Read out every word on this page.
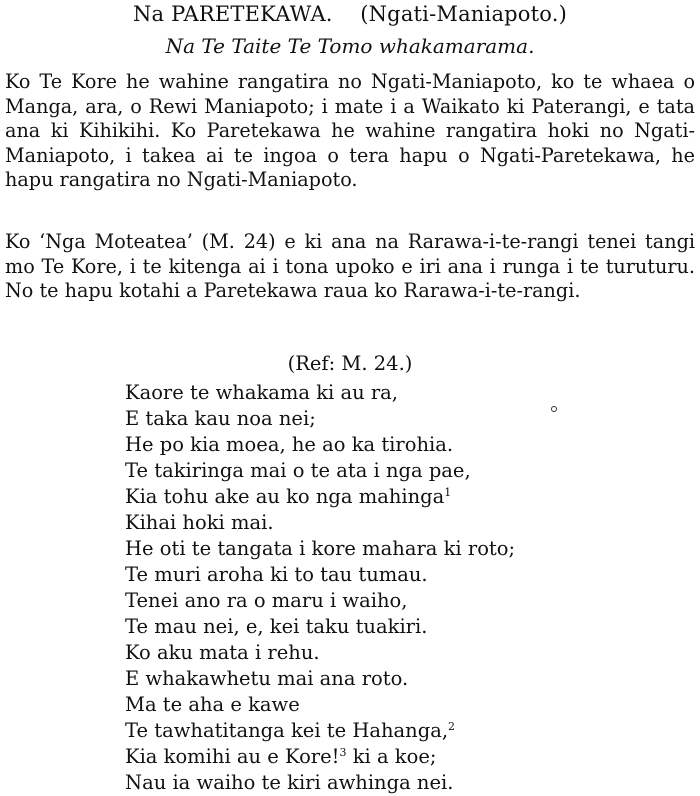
Na PARETEKAWA. (Ngati-Maniapoto.)
Na Te Taite Te Tomo whakamarama.

Ko Te Kore he wahine rangatira no Ngati-Maniapoto, ko te whaea o Manga, ara, o Rewi Maniapoto; i mate i a Waikato ki Paterangi, e tata ana ki Kihikihi. Ko Paretekawa he wahine rangatira hoki no Ngati-Maniapoto, i takea ai te ingoa o tera hapu o Ngati-Paretekawa, he hapu rangatira no Ngati-Maniapoto.

Ko ‘Nga Moteatea’ (M. 24) e ki ana na Rarawa-i-te-rangi tenei tangi mo Te Kore, i te kitenga ai i tona upoko e iri ana i runga i te turuturu. No te hapu kotahi a Paretekawa raua ko Rarawa-i-te-rangi.

(Ref: M. 24.)
Kaore te whakama ki au ra,
E taka kau noa nei;
He po kia moea, he ao ka tirohia.
Te takiringa mai o te ata i nga pae,
Kia tohu ake au ko nga mahinga$^1$
Kihai hoki mai.
He oti te tangata i kore mahara ki roto;
Te muri aroha ki to tau tumau.
Tenei ano ra o maru i waiho,
Te mau nei, e, kei taku tuakiri.
Ko aku mata i rehu.
E whakawhetu mai ana roto.
Ma te aha e kawe
Te tawhatitanga kei te Hahanga,$^2$
Kia komihi au e Kore!$^3$ ki a koe;
Nau ia waiho te kiri awhinga nei.
